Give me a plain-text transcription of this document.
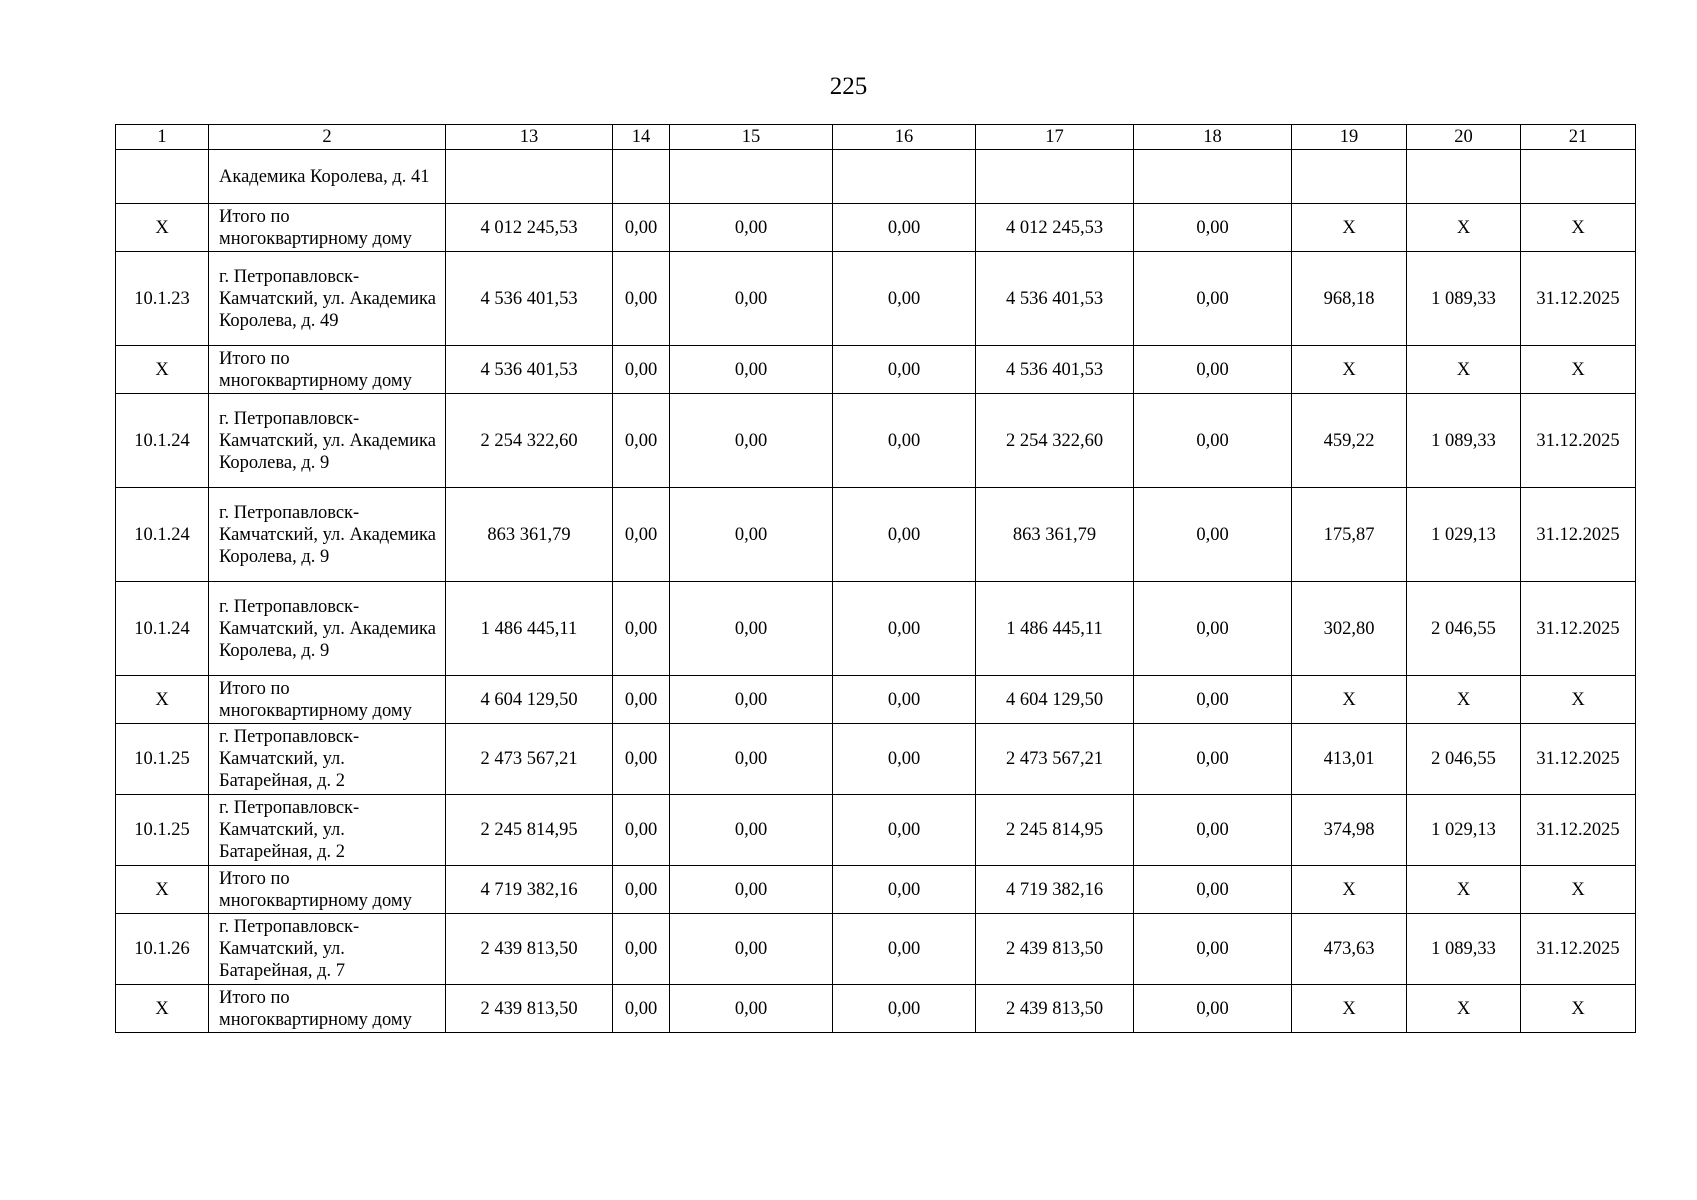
225
1	2	13	14	15	16	17	18	19	20	21
	Академика Королева, д. 41									
X	Итого по многоквартирному дому	4 012 245,53	0,00	0,00	0,00	4 012 245,53	0,00	X	X	X
10.1.23	г. Петропавловск-Камчатский, ул. Академика Королева, д. 49	4 536 401,53	0,00	0,00	0,00	4 536 401,53	0,00	968,18	1 089,33	31.12.2025
X	Итого по многоквартирному дому	4 536 401,53	0,00	0,00	0,00	4 536 401,53	0,00	X	X	X
10.1.24	г. Петропавловск-Камчатский, ул. Академика Королева, д. 9	2 254 322,60	0,00	0,00	0,00	2 254 322,60	0,00	459,22	1 089,33	31.12.2025
10.1.24	г. Петропавловск-Камчатский, ул. Академика Королева, д. 9	863 361,79	0,00	0,00	0,00	863 361,79	0,00	175,87	1 029,13	31.12.2025
10.1.24	г. Петропавловск-Камчатский, ул. Академика Королева, д. 9	1 486 445,11	0,00	0,00	0,00	1 486 445,11	0,00	302,80	2 046,55	31.12.2025
X	Итого по многоквартирному дому	4 604 129,50	0,00	0,00	0,00	4 604 129,50	0,00	X	X	X
10.1.25	г. Петропавловск-Камчатский, ул. Батарейная, д. 2	2 473 567,21	0,00	0,00	0,00	2 473 567,21	0,00	413,01	2 046,55	31.12.2025
10.1.25	г. Петропавловск-Камчатский, ул. Батарейная, д. 2	2 245 814,95	0,00	0,00	0,00	2 245 814,95	0,00	374,98	1 029,13	31.12.2025
X	Итого по многоквартирному дому	4 719 382,16	0,00	0,00	0,00	4 719 382,16	0,00	X	X	X
10.1.26	г. Петропавловск-Камчатский, ул. Батарейная, д. 7	2 439 813,50	0,00	0,00	0,00	2 439 813,50	0,00	473,63	1 089,33	31.12.2025
X	Итого по многоквартирному дому	2 439 813,50	0,00	0,00	0,00	2 439 813,50	0,00	X	X	X
